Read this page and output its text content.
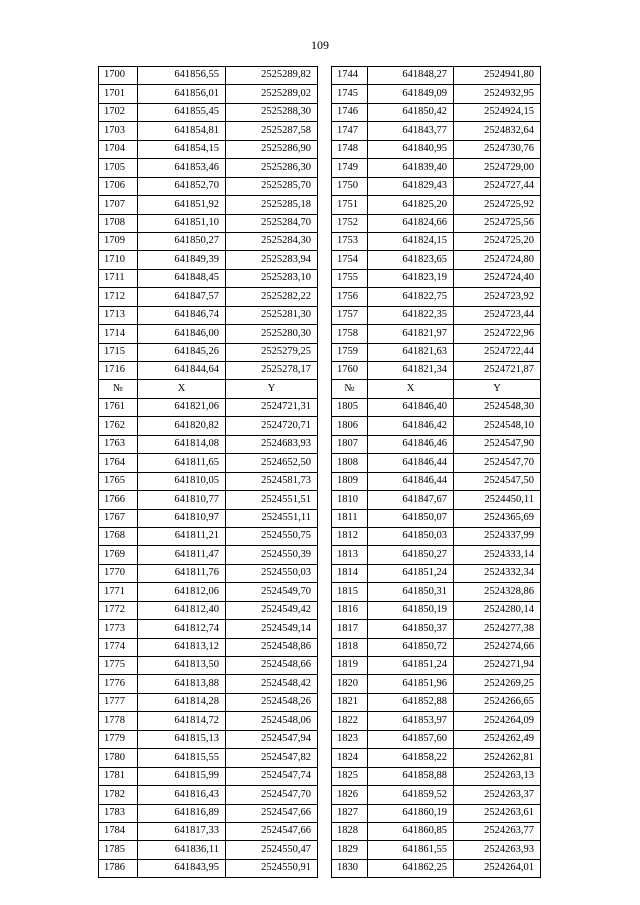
109
1700	641856,55	2525289,82
1701	641856,01	2525289,02
1702	641855,45	2525288,30
1703	641854,81	2525287,58
1704	641854,15	2525286,90
1705	641853,46	2525286,30
1706	641852,70	2525285,70
1707	641851,92	2525285,18
1708	641851,10	2525284,70
1709	641850,27	2525284,30
1710	641849,39	2525283,94
1711	641848,45	2525283,10
1712	641847,57	2525282,22
1713	641846,74	2525281,30
1714	641846,00	2525280,30
1715	641845,26	2525279,25
1716	641844,64	2525278,17
№	X	Y
1761	641821,06	2524721,31
1762	641820,82	2524720,71
1763	641814,08	2524683,93
1764	641811,65	2524652,50
1765	641810,05	2524581,73
1766	641810,77	2524551,51
1767	641810,97	2524551,11
1768	641811,21	2524550,75
1769	641811,47	2524550,39
1770	641811,76	2524550,03
1771	641812,06	2524549,70
1772	641812,40	2524549,42
1773	641812,74	2524549,14
1774	641813,12	2524548,86
1775	641813,50	2524548,66
1776	641813,88	2524548,42
1777	641814,28	2524548,26
1778	641814,72	2524548,06
1779	641815,13	2524547,94
1780	641815,55	2524547,82
1781	641815,99	2524547,74
1782	641816,43	2524547,70
1783	641816,89	2524547,66
1784	641817,33	2524547,66
1785	641836,11	2524550,47
1786	641843,95	2524550,91
1744	641848,27	2524941,80
1745	641849,09	2524932,95
1746	641850,42	2524924,15
1747	641843,77	2524832,64
1748	641840,95	2524730,76
1749	641839,40	2524729,00
1750	641829,43	2524727,44
1751	641825,20	2524725,92
1752	641824,66	2524725,56
1753	641824,15	2524725,20
1754	641823,65	2524724,80
1755	641823,19	2524724,40
1756	641822,75	2524723,92
1757	641822,35	2524723,44
1758	641821,97	2524722,96
1759	641821,63	2524722,44
1760	641821,34	2524721,87
№	X	Y
1805	641846,40	2524548,30
1806	641846,42	2524548,10
1807	641846,46	2524547,90
1808	641846,44	2524547,70
1809	641846,44	2524547,50
1810	641847,67	2524450,11
1811	641850,07	2524365,69
1812	641850,03	2524337,99
1813	641850,27	2524333,14
1814	641851,24	2524332,34
1815	641850,31	2524328,86
1816	641850,19	2524280,14
1817	641850,37	2524277,38
1818	641850,72	2524274,66
1819	641851,24	2524271,94
1820	641851,96	2524269,25
1821	641852,88	2524266,65
1822	641853,97	2524264,09
1823	641857,60	2524262,49
1824	641858,22	2524262,81
1825	641858,88	2524263,13
1826	641859,52	2524263,37
1827	641860,19	2524263,61
1828	641860,85	2524263,77
1829	641861,55	2524263,93
1830	641862,25	2524264,01
